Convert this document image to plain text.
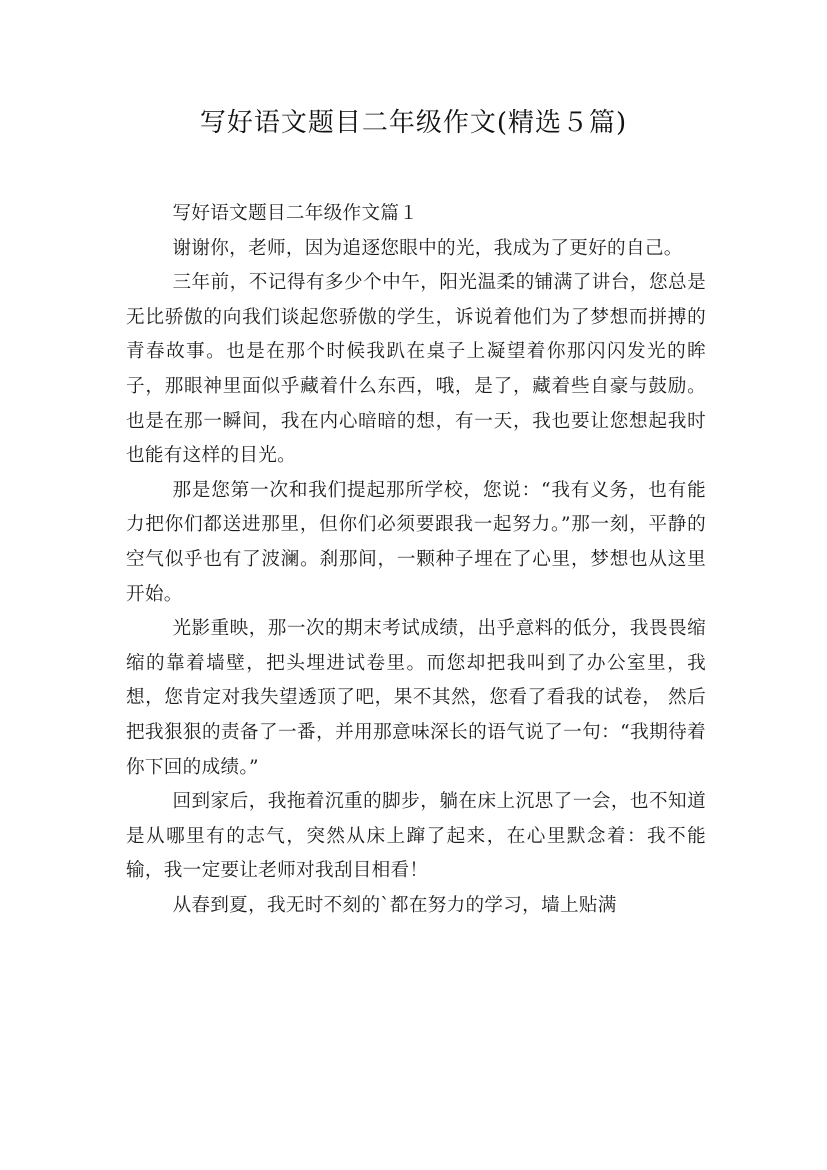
写好语文题目二年级作文(精选５篇)

写好语文题目二年级作文篇１

谢谢你，老师，因为追逐您眼中的光，我成为了更好的自己。

三年前，不记得有多少个中午，阳光温柔的铺满了讲台，您总是无比骄傲的向我们谈起您骄傲的学生，诉说着他们为了梦想而拼搏的青春故事。也是在那个时候我趴在桌子上凝望着你那闪闪发光的眸子，那眼神里面似乎藏着什么东西，哦，是了，藏着些自豪与鼓励。也是在那一瞬间，我在内心暗暗的想，有一天，我也要让您想起我时也能有这样的目光。

那是您第一次和我们提起那所学校，您说：“我有义务，也有能力把你们都送进那里，但你们必须要跟我一起努力。”那一刻，平静的空气似乎也有了波澜。刹那间，一颗种子埋在了心里，梦想也从这里开始。

光影重映，那一次的期末考试成绩，出乎意料的低分，我畏畏缩缩的靠着墙壁，把头埋进试卷里。而您却把我叫到了办公室里，我想，您肯定对我失望透顶了吧，果不其然，您看了看我的试卷， 然后把我狠狠的责备了一番，并用那意味深长的语气说了一句：“我期待着你下回的成绩。”

回到家后，我拖着沉重的脚步，躺在床上沉思了一会，也不知道是从哪里有的志气，突然从床上蹿了起来，在心里默念着：我不能输，我一定要让老师对我刮目相看！

从春到夏，我无时不刻的`都在努力的学习，墙上贴满
